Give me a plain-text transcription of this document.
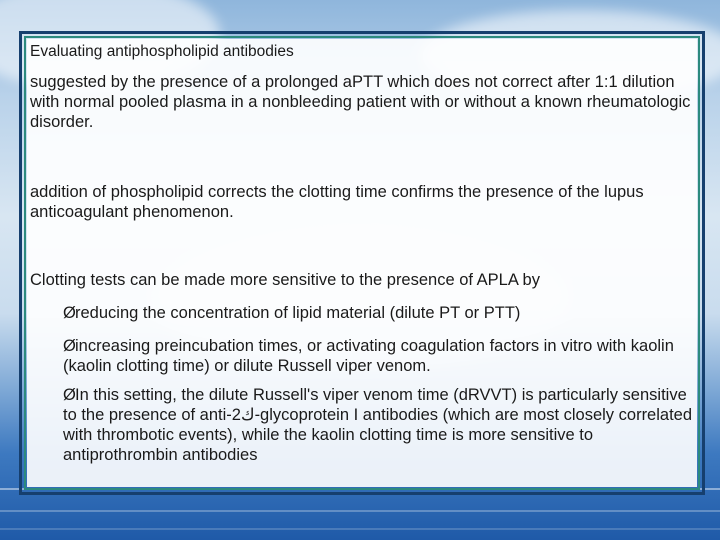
Evaluating antiphospholipid antibodies

suggested by the presence of a prolonged aPTT which does not correct after 1:1 dilution with normal pooled plasma in a nonbleeding patient with or without a known rheumatologic disorder.

addition of phospholipid corrects the clotting time confirms the presence of the lupus anticoagulant phenomenon.

Clotting tests can be made more sensitive to the presence of APLA by

Øreducing the concentration of lipid material (dilute PT or PTT)
Øincreasing preincubation times, or activating coagulation factors in vitro with kaolin (kaolin clotting time) or dilute Russell viper venom.
ØIn this setting, the dilute Russell's viper venom time (dRVVT) is particularly sensitive to the presence of anti-2ك-glycoprotein I antibodies (which are most closely correlated with thrombotic events), while the kaolin clotting time is more sensitive to antiprothrombin antibodies
